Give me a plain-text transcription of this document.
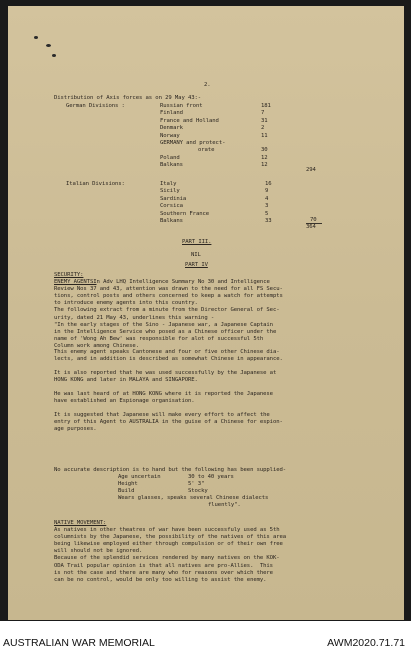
2.
Distribution of Axis forces as on 29 May 43:-
German Divisions :	Russian front	181
Finland	7
France and Holland	31
Denmark	2
Norway	11
GERMANY and protect-
orate	30
Poland	12
Balkans	12
294
Italian Divisions:	Italy	16
Sicily	9
Sardinia	4
Corsica	3
Southern France	5
Balkans	33	70
364
PART III.
NIL
PART IV
SECURITY:
ENEMY AGENTS:
In Adv LHQ Intelligence Summary No 30 and Intelligence
Review Nos 37 and 43, attention was drawn to the need for all FS Secu-
tions, control posts and others concerned to keep a watch for attempts
to introduce enemy agents into this country.
The following extract from a minute from the Director General of Sec-
urity, dated 21 May 43, underlines this warning -
"In the early stages of the Sino - Japanese war, a Japanese Captain
in the Intelligence Service who posed as a Chinese officer under the
name of 'Wong Ah Bew' was responsible for alot of successful 5th
Column work among Chinese.
This enemy agent speaks Cantonese and four or five other Chinese dia-
lects, and in addition is described as somewhat Chinese in appearance.
It is also reported that he was used successfully by the Japanese at
HONG KONG and later in MALAYA and SINGAPORE.
He was last heard of at HONG KONG where it is reported the Japanese
have established an Espionage organisation.
It is suggested that Japanese will make every effort to affect the
entry of this Agent to AUSTRALIA in the guise of a Chinese for espion-
age purposes.
No accurate description is to hand but the following has been supplied-
Age uncertain	30 to 40 years
Height	5' 3"
Build	Stocky
Wears glasses, speaks several Chinese dialects
fluently".
NATIVE MOVEMENT:
As natives in other theatres of war have been successfuly used as 5th
columnists by the Japanese, the possibility of the natives of this area
being likewise employed either through compulsion or of their own free
will should not be ignored.
Because of the splendid services rendered by many natives on the KOK-
ODA Trail popular opinion is that all natives are pro-Allies.  This
is not the case and there are many who for reasons over which there
can be no control, would be only too willing to assist the enemy.
AUSTRALIAN WAR MEMORIAL	AWM2020.71.71
